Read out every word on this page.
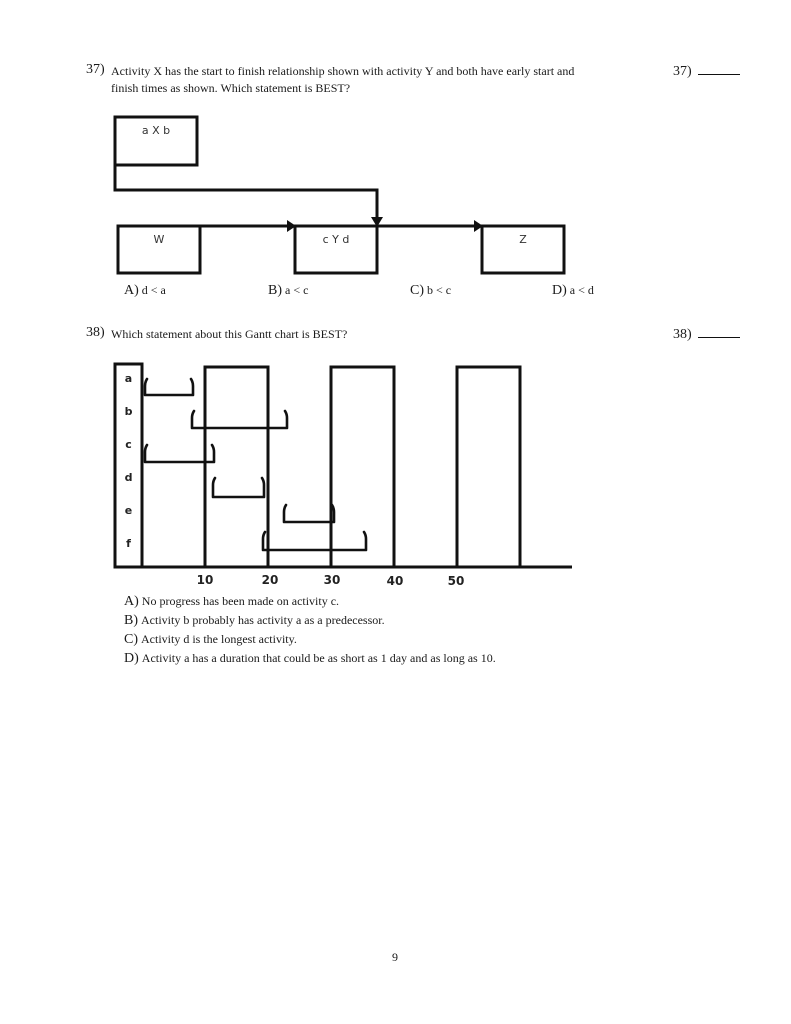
37) Activity X has the start to finish relationship shown with activity Y and both have early start and
finish times as shown. Which statement is BEST?
37)
a X b
W	c Y d	Z
A) d < a	B) a < c	C) b < c	D) a < d
38) Which statement about this Gantt chart is BEST?	38)
a
b
c
d
e
f
10	20	30	40	50
A) No progress has been made on activity c.
B) Activity b probably has activity a as a predecessor.
C) Activity d is the longest activity.
D) Activity a has a duration that could be as short as 1 day and as long as 10.
9
